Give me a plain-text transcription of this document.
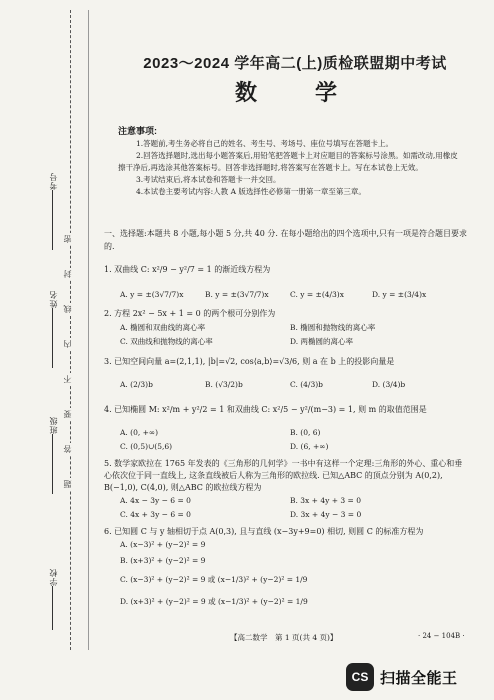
考号
姓名
班级
学校
密
封
线
内
不
要
答
题
2023～2024 学年高二(上)质检联盟期中考试
数　学
注意事项:
1.答题前,考生务必将自己的姓名、考生号、考场号、座位号填写在答题卡上。
2.回答选择题时,选出每小题答案后,用铅笔把答题卡上对应题目的答案标号涂黑。如需改动,用橡皮擦干净后,再选涂其他答案标号。回答非选择题时,将答案写在答题卡上。写在本试卷上无效。
3.考试结束后,将本试卷和答题卡一并交回。
4.本试卷主要考试内容:人教 A 版选择性必修第一册第一章至第三章。
一、选择题:本题共 8 小题,每小题 5 分,共 40 分. 在每小题给出的四个选项中,只有一项是符合题目要求的.
1. 双曲线 C: x²/9 − y²/7 = 1 的渐近线方程为
A. y = ±(3√7/7)x	B. y = ±(3√7/7)x	C. y = ±(4/3)x	D. y = ±(3/4)x
2. 方程 2x² − 5x + 1 = 0 的两个根可分别作为
A. 椭圆和双曲线的离心率	B. 椭圆和抛物线的离心率
C. 双曲线和抛物线的离心率	D. 两椭圆的离心率
3. 已知空间向量 a=(2,1,1), |b|=√2, cos⟨a,b⟩=√3/6, 则 a 在 b 上的投影向量是
A. (2/3)b	B. (√3/2)b	C. (4/3)b	D. (3/4)b
4. 已知椭圆 M: x²/m + y²/2 = 1 和双曲线 C: x²/5 − y²/(m−3) = 1, 则 m 的取值范围是
A. (0, +∞)	B. (0, 6)
C. (0,5)∪(5,6)	D. (6, +∞)
5. 数学家欧拉在 1765 年发表的《三角形的几何学》一书中有这样一个定理:三角形的外心、重心和垂心依次位于同一直线上, 这条直线被后人称为三角形的欧拉线. 已知△ABC 的顶点分别为 A(0,2), B(−1,0), C(4,0), 则△ABC 的欧拉线方程为
A. 4x − 3y − 6 = 0	B. 3x + 4y + 3 = 0
C. 4x + 3y − 6 = 0	D. 3x + 4y − 3 = 0
6. 已知圆 C 与 y 轴相切于点 A(0,3), 且与直线 (x−3y+9=0) 相切, 则圆 C 的标准方程为
A. (x−3)² + (y−2)² = 9
B. (x+3)² + (y−2)² = 9
C. (x−3)² + (y−2)² = 9 或 (x−1/3)² + (y−2)² = 1/9
D. (x+3)² + (y−2)² = 9 或 (x−1/3)² + (y−2)² = 1/9
【高二数学　第 1 页(共 4 页)】	· 24 − 104B ·
CS 扫描全能王
